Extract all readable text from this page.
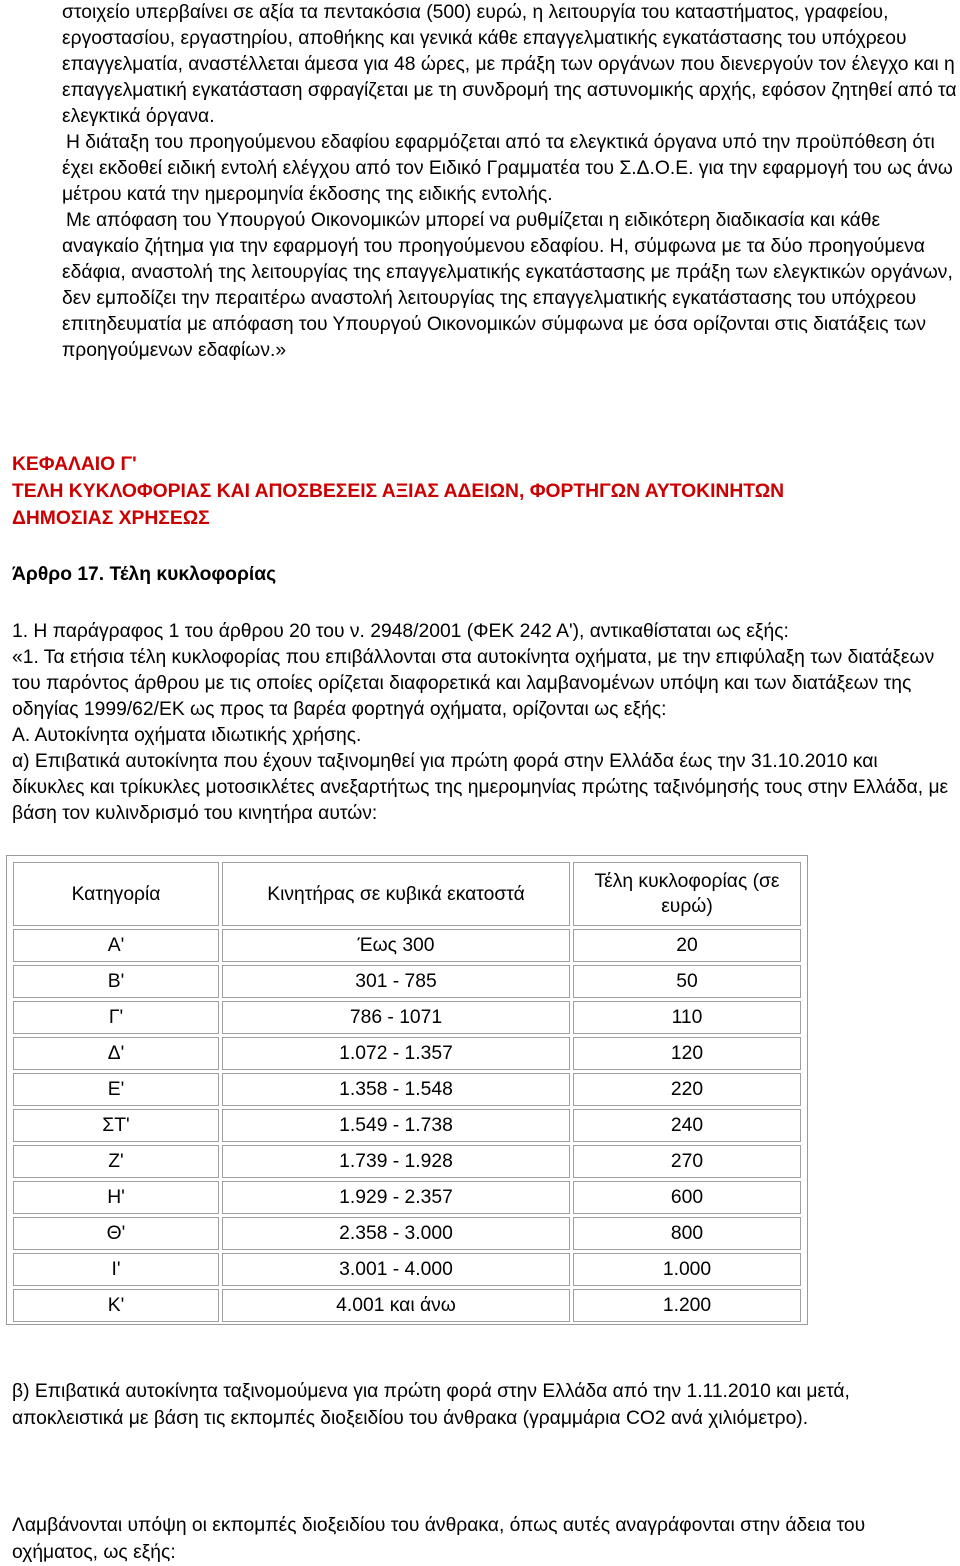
στοιχείο υπερβαίνει σε αξία τα πεντακόσια (500) ευρώ, η λειτουργία του καταστήματος, γραφείου, εργοστασίου, εργαστηρίου, αποθήκης και γενικά κάθε επαγγελματικής εγκατάστασης του υπόχρεου επαγγελματία, αναστέλλεται άμεσα για 48 ώρες, με πράξη των οργάνων που διενεργούν τον έλεγχο και η επαγγελματική εγκατάσταση σφραγίζεται με τη συνδρομή της αστυνομικής αρχής, εφόσον ζητηθεί από τα ελεγκτικά όργανα.

Η διάταξη του προηγούμενου εδαφίου εφαρμόζεται από τα ελεγκτικά όργανα υπό την προϋπόθεση ότι έχει εκδοθεί ειδική εντολή ελέγχου από τον Ειδικό Γραμματέα του Σ.Δ.Ο.Ε. για την εφαρμογή του ως άνω μέτρου κατά την ημερομηνία έκδοσης της ειδικής εντολής.

Με απόφαση του Υπουργού Οικονομικών μπορεί να ρυθμίζεται η ειδικότερη διαδικασία και κάθε αναγκαίο ζήτημα για την εφαρμογή του προηγούμενου εδαφίου. Η, σύμφωνα με τα δύο προηγούμενα εδάφια, αναστολή της λειτουργίας της επαγγελματικής εγκατάστασης με πράξη των ελεγκτικών οργάνων, δεν εμποδίζει την περαιτέρω αναστολή λειτουργίας της επαγγελματικής εγκατάστασης του υπόχρεου επιτηδευματία με απόφαση του Υπουργού Οικονομικών σύμφωνα με όσα ορίζονται στις διατάξεις των προηγούμενων εδαφίων.»

ΚΕΦΑΛΑΙΟ Γ'
ΤΕΛΗ ΚΥΚΛΟΦΟΡΙΑΣ ΚΑΙ ΑΠΟΣΒΕΣΕΙΣ ΑΞΙΑΣ ΑΔΕΙΩΝ, ΦΟΡΤΗΓΩΝ ΑΥΤΟΚΙΝΗΤΩΝ
ΔΗΜΟΣΙΑΣ ΧΡΗΣΕΩΣ
Άρθρο 17. Τέλη κυκλοφορίας

1. Η παράγραφος 1 του άρθρου 20 του ν. 2948/2001 (ΦΕΚ 242 Α'), αντικαθίσταται ως εξής:

«1. Τα ετήσια τέλη κυκλοφορίας που επιβάλλονται στα αυτοκίνητα οχήματα, με την επιφύλαξη των διατάξεων του παρόντος άρθρου με τις οποίες ορίζεται διαφορετικά και λαμβανομένων υπόψη και των διατάξεων της οδηγίας 1999/62/ΕΚ ως προς τα βαρέα φορτηγά οχήματα, ορίζονται ως εξής:

Α. Αυτοκίνητα οχήματα ιδιωτικής χρήσης.

α) Επιβατικά αυτοκίνητα που έχουν ταξινομηθεί για πρώτη φορά στην Ελλάδα έως την 31.10.2010 και δίκυκλες και τρίκυκλες μοτοσικλέτες ανεξαρτήτως της ημερομηνίας πρώτης ταξινόμησής τους στην Ελλάδα, με βάση τον κυλινδρισμό του κινητήρα αυτών:

Κατηγορία	Κινητήρας σε κυβικά εκατοστά	Τέλη κυκλοφορίας (σε ευρώ)
Α'	Έως 300	20
Β'	301 - 785	50
Γ'	786 - 1071	110
Δ'	1.072 - 1.357	120
Ε'	1.358 - 1.548	220
ΣΤ'	1.549 - 1.738	240
Ζ'	1.739 - 1.928	270
Η'	1.929 - 2.357	600
Θ'	2.358 - 3.000	800
Ι'	3.001 - 4.000	1.000
Κ'	4.001 και άνω	1.200

β) Επιβατικά αυτοκίνητα ταξινομούμενα για πρώτη φορά στην Ελλάδα από την 1.11.2010 και μετά, αποκλειστικά με βάση τις εκπομπές διοξειδίου του άνθρακα (γραμμάρια CO2 ανά χιλιόμετρο).

Λαμβάνονται υπόψη οι εκπομπές διοξειδίου του άνθρακα, όπως αυτές αναγράφονται στην άδεια του οχήματος, ως εξής:
